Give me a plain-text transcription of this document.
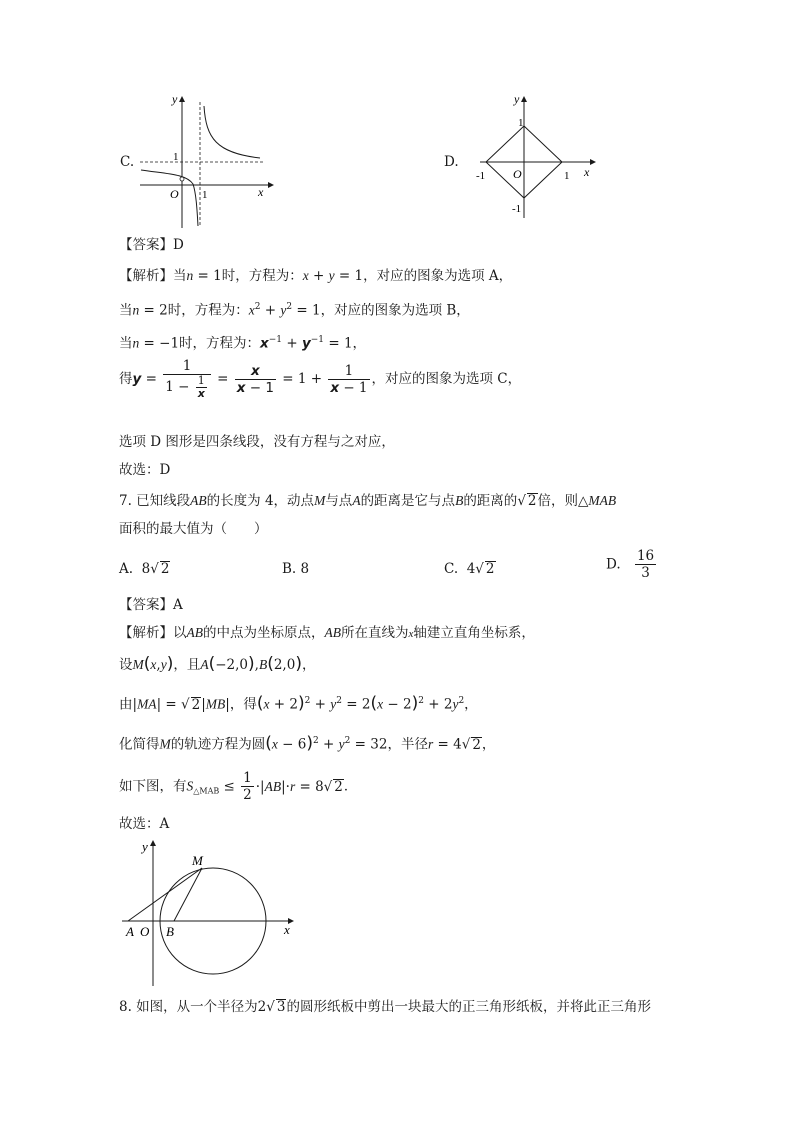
C.
y
x
O
1
1
D.
y
x
O
1
-1
-1	1
【答案】D
【解析】当n = 1时，方程为：x + y = 1，对应的图象为选项 A，
当n = 2时，方程为：$x^2 + y^2 = 1$，对应的图象为选项 B，
当n = −1时，方程为：$x^{-1} + y^{-1} = 1$，
得$y = \frac{1}{1 - \frac{1}{x}} = \frac{x}{x - 1} = 1 + \frac{1}{x - 1}$ ，对应的图象为选项 C，
选项 D 图形是四条线段，没有方程与之对应，
故选：D
7. 已知线段AB的长度为 4，动点M与点A的距离是它与点B的距离的√ 2倍，则△MAB
面积的最大值为（　　）
A.  8√ 2	B. 8	C.  4√ 2	D. $\frac{16}{3}$
【答案】A
【解析】以AB的中点为坐标原点，AB所在直线为x轴建立直角坐标系，
设M(x,y)，且A(−2,0),B(2,0)，
由|MA| = √ 2|MB|，得$(x + 2)^2 + y^2 = 2(x - 2)^2 + 2y^2$，
化简得M的轨迹方程为圆$(x - 6)^2 + y^2 = 32$，半径r = 4√ 2，
如下图，有$S_{\triangle MAB} \le \frac{1}{2} \cdot|AB|\cdot r = 8√$ 2．
故选：A
y
x
M
A O B
8. 如图，从一个半径为2√ 3的圆形纸板中剪出一块最大的正三角形纸板，并将此正三角形
